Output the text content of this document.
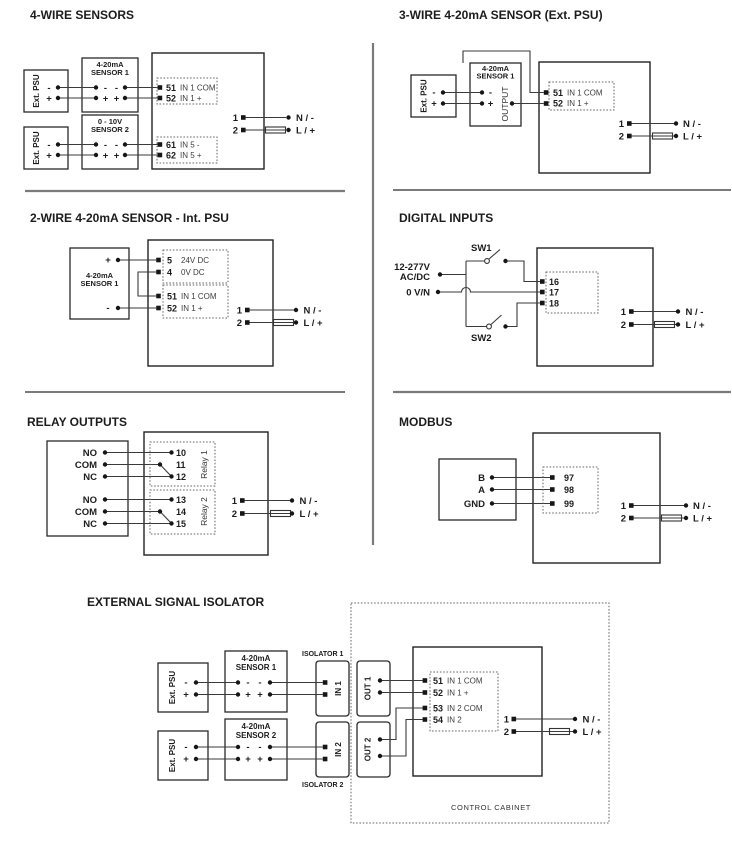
4-WIRE SENSORS
Ext. PSU
Ext. PSU
-
+
-
+
4-20mA
SENSOR 1
- -
+ +
0 - 10V
SENSOR 2
- -
+ +
51 IN 1 COM
52 IN 1 +
61 IN 5 -
62 IN 5 +
1
2
N / -
L / +
3-WIRE 4-20mA SENSOR (Ext. PSU)
Ext. PSU -
+
4-20mA
SENSOR 1
-
+ OUTPUT	51 IN 1 COM
52 IN 1 +
1
2
N / -
L / +
2-WIRE 4-20mA SENSOR - Int. PSU
4-20mA
SENSOR 1
+
-
5 24V DC
4 0V DC
51 IN 1 COM
52 IN 1 +	1
2
N / -
L / +
DIGITAL INPUTS
SW1
SW2
12-277V
AC/DC
0 V/N
16
17
18
1
2
N / -
L / +
RELAY OUTPUTS
NO
COM
NC
NO
COM
NC
10
11
12
13
14
15
Relay 1
Relay 2 1
2
N / -
L / +
MODBUS
B
A
GND
97
98
99	1
2
N / -
L / +
EXTERNAL SIGNAL ISOLATOR
Ext. PSU
Ext. PSU
-
+
-
+
4-20mA
SENSOR 1
- -
+ +
4-20mA
SENSOR 2
- -
+ +
ISOLATOR 1
ISOLATOR 2
IN 1	OUT 1
IN 2	OUT 2
51 IN 1 COM
52 IN 1 +
53 IN 2 COM
54 IN 2	1
2
N / -
L / +
CONTROL CABINET
